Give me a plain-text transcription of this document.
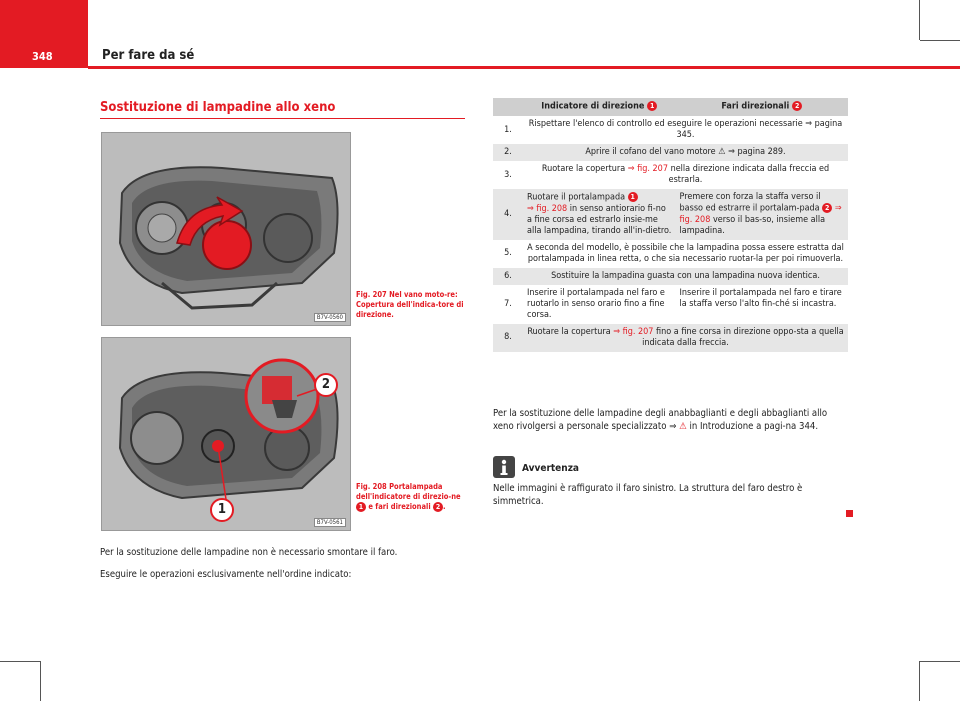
348	Per fare da sé
Sostituzione di lampadine allo xeno
B7V-0560
Fig. 207 Nel vano moto-re: Copertura dell'indica-tore di direzione.
1
2
B7V-0561
Fig. 208 Portalampada dell'indicatore di direzio-ne 1 e fari direzionali 2 .
Per la sostituzione delle lampadine non è necessario smontare il faro.
Eseguire le operazioni esclusivamente nell'ordine indicato:
	Indicatore di direzione 1	Fari direzionali 2
1.	Rispettare l'elenco di controllo ed eseguire le operazioni necessarie ⇒ pagina 345.	
2.	Aprire il cofano del vano motore ⚠ ⇒ pagina 289.	
3.	Ruotare la copertura ⇒ fig. 207 nella direzione indicata dalla freccia ed estrarla.	
4.	Ruotare il portalampada 1
⇒ fig. 208 in senso antiorario fi-no a fine corsa ed estrarlo insie-me alla lampadina, tirando all'in-dietro.	Premere con forza la staffa verso il basso ed estrarre il portalam-pada 2 ⇒ fig. 208 verso il bas-so, insieme alla lampadina.
5.	A seconda del modello, è possibile che la lampadina possa essere estratta dal portalampada in linea retta, o che sia necessario ruotar-la per poi rimuoverla.	
6.	Sostituire la lampadina guasta con una lampadina nuova identica.	
7.	Inserire il portalampada nel faro e ruotarlo in senso orario fino a fine corsa.	Inserire il portalampada nel faro e tirare la staffa verso l'alto fin-ché si incastra.
8.	Ruotare la copertura ⇒ fig. 207 fino a fine corsa in direzione oppo-sta a quella indicata dalla freccia.	
Per la sostituzione delle lampadine degli anabbaglianti e degli abbaglianti allo xeno rivolgersi a personale specializzato ⇒ ⚠ in Introduzione a pagi-na 344.
Avvertenza
Nelle immagini è raffigurato il faro sinistro. La struttura del faro destro è simmetrica.
